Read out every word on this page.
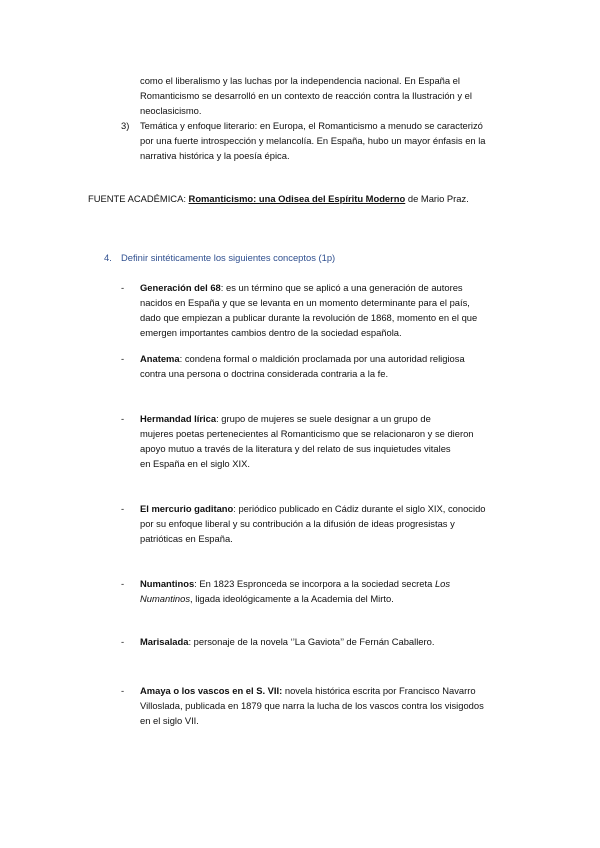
como el liberalismo y las luchas por la independencia nacional. En España el
Romanticismo se desarrolló en un contexto de reacción contra la Ilustración y el
neoclasicismo.
3) Temática y enfoque literario: en Europa, el Romanticismo a menudo se caracterizó
por una fuerte introspección y melancolía. En España, hubo un mayor énfasis en la
narrativa histórica y la poesía épica.
FUENTE ACADÉMICA: Romanticismo: una Odisea del Espíritu Moderno de Mario Praz.
4. Definir sintéticamente los siguientes conceptos (1p)
- Generación del 68: es un término que se aplicó a una generación de autores
nacidos en España y que se levanta en un momento determinante para el país,
dado que empiezan a publicar durante la revolución de 1868, momento en el que
emergen importantes cambios dentro de la sociedad española.
- Anatema: condena formal o maldición proclamada por una autoridad religiosa
contra una persona o doctrina considerada contraria a la fe.
- Hermandad lírica: grupo de mujeres se suele designar a un grupo de
mujeres poetas pertenecientes al Romanticismo que se relacionaron y se dieron
apoyo mutuo a través de la literatura y del relato de sus inquietudes vitales
en España en el siglo XIX.
- El mercurio gaditano: periódico publicado en Cádiz durante el siglo XIX, conocido
por su enfoque liberal y su contribución a la difusión de ideas progresistas y
patrióticas en España.
- Numantinos: En 1823 Espronceda se incorpora a la sociedad secreta Los
Numantinos, ligada ideológicamente a la Academia del Mirto.
- Marisalada: personaje de la novela ‘’La Gaviota’’ de Fernán Caballero.
- Amaya o los vascos en el S. VII: novela histórica escrita por Francisco Navarro
Villoslada, publicada en 1879 que narra la lucha de los vascos contra los visigodos
en el siglo VII.
